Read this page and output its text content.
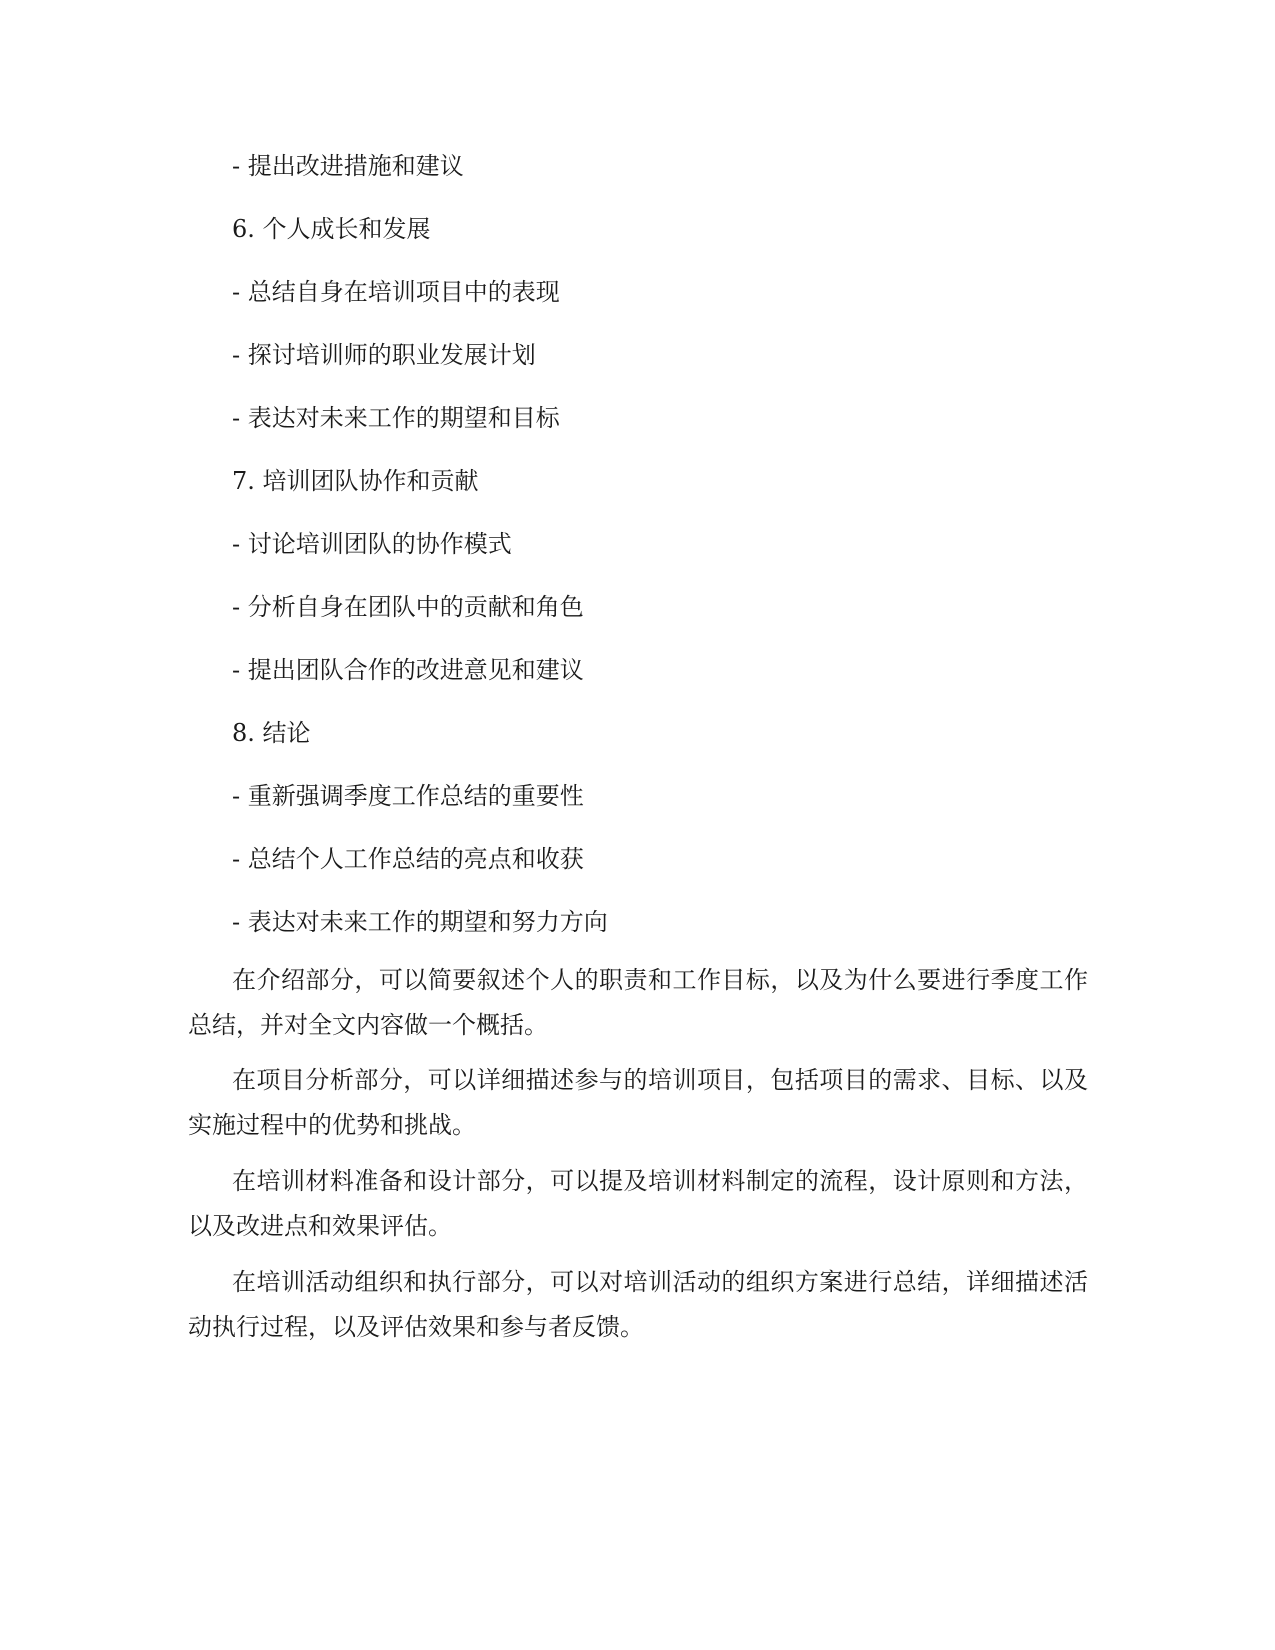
- 提出改进措施和建议

6. 个人成长和发展

- 总结自身在培训项目中的表现

- 探讨培训师的职业发展计划

- 表达对未来工作的期望和目标

7. 培训团队协作和贡献

- 讨论培训团队的协作模式

- 分析自身在团队中的贡献和角色

- 提出团队合作的改进意见和建议

8. 结论

- 重新强调季度工作总结的重要性

- 总结个人工作总结的亮点和收获

- 表达对未来工作的期望和努力方向

在介绍部分，可以简要叙述个人的职责和工作目标，以及为什么要进行季度工作总结，并对全文内容做一个概括。

在项目分析部分，可以详细描述参与的培训项目，包括项目的需求、目标、以及实施过程中的优势和挑战。

在培训材料准备和设计部分，可以提及培训材料制定的流程，设计原则和方法，以及改进点和效果评估。

在培训活动组织和执行部分，可以对培训活动的组织方案进行总结，详细描述活动执行过程，以及评估效果和参与者反馈。
